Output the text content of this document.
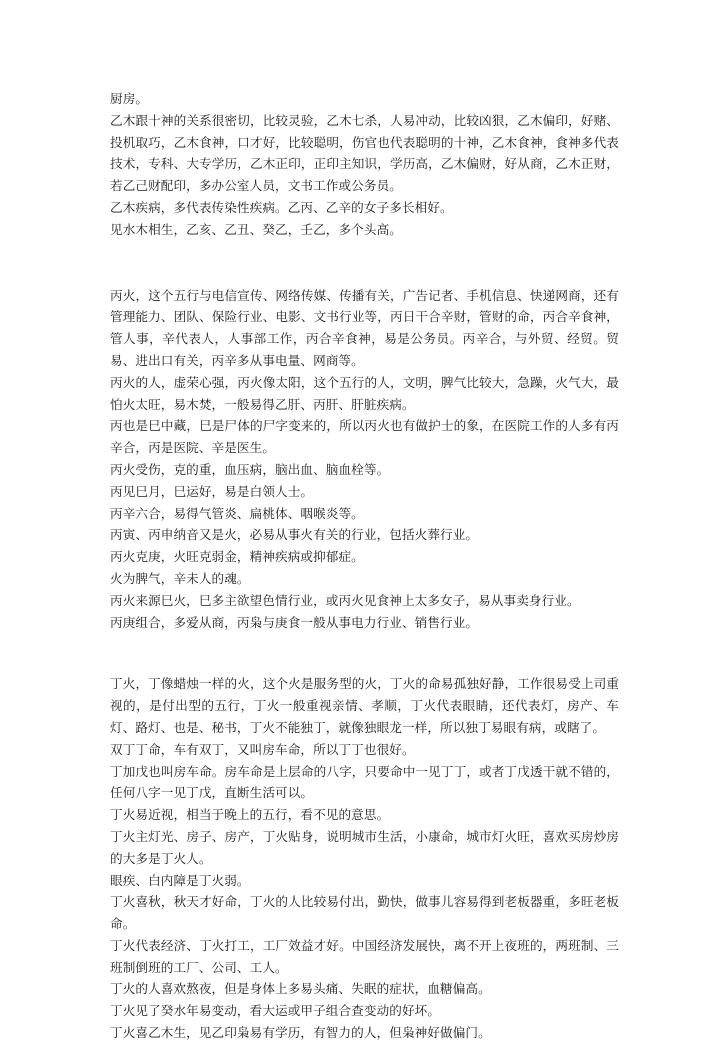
厨房。

乙木跟十神的关系很密切，比较灵验，乙木七杀，人易冲动，比较凶狠，乙木偏印，好赌、投机取巧，乙木食神，口才好，比较聪明，伤官也代表聪明的十神，乙木食神，食神多代表技术，专科、大专学历，乙木正印，正印主知识，学历高，乙木偏财，好从商，乙木正财，若乙己财配印，多办公室人员，文书工作或公务员。

乙木疾病，多代表传染性疾病。乙丙、乙辛的女子多长相好。

见水木相生，乙亥、乙丑、癸乙，壬乙，多个头高。

丙火，这个五行与电信宣传、网络传媒、传播有关，广告记者、手机信息、快递网商，还有管理能力、团队、保险行业、电影、文书行业等，丙日干合辛财，管财的命，丙合辛食神，管人事，辛代表人，人事部工作，丙合辛食神，易是公务员。丙辛合，与外贸、经贸。贸易、进出口有关，丙辛多从事电量、网商等。

丙火的人，虚荣心强，丙火像太阳，这个五行的人，文明，脾气比较大，急躁，火气大，最怕火太旺，易木焚，一般易得乙肝、丙肝、肝脏疾病。

丙也是巳中藏，巳是尸体的尸字变来的，所以丙火也有做护士的象，在医院工作的人多有丙辛合，丙是医院、辛是医生。

丙火受伤，克的重，血压病，脑出血、脑血栓等。

丙见巳月，巳运好，易是白领人士。

丙辛六合，易得气管炎、扁桃体、咽喉炎等。

丙寅、丙申纳音又是火，必易从事火有关的行业，包括火葬行业。

丙火克庚，火旺克弱金，精神疾病或抑郁症。

火为脾气，辛未人的魂。

丙火来源巳火，巳多主欲望色情行业，或丙火见食神上太多女子，易从事卖身行业。

丙庚组合，多爱从商，丙枭与庚食一般从事电力行业、销售行业。

丁火，丁像蜡烛一样的火，这个火是服务型的火，丁火的命易孤独好静，工作很易受上司重视的，是付出型的五行，丁火一般重视亲情、孝顺，丁火代表眼睛，还代表灯，房产、车灯、路灯、也是、秘书，丁火不能独丁，就像独眼龙一样，所以独丁易眼有病，或瞎了。

双丁丁命，车有双丁，又叫房车命，所以丁丁也很好。

丁加戊也叫房车命。房车命是上层命的八字，只要命中一见丁丁，或者丁戊透干就不错的，任何八字一见丁戊，直断生活可以。

丁火易近视，相当于晚上的五行，看不见的意思。

丁火主灯光、房子、房产，丁火贴身，说明城市生活，小康命，城市灯火旺，喜欢买房炒房的大多是丁火人。

眼疾、白内障是丁火弱。

丁火喜秋，秋天才好命，丁火的人比较易付出，勤快，做事儿容易得到老板器重，多旺老板命。

丁火代表经济、丁火打工，工厂效益才好。中国经济发展快，离不开上夜班的，两班制、三班制倒班的工厂、公司、工人。

丁火的人喜欢熬夜，但是身体上多易头痛、失眠的症状，血糖偏高。

丁火见了癸水年易变动，看大运或甲子组合查变动的好坏。

丁火喜乙木生，见乙印枭易有学历，有智力的人，但枭神好做偏门。
